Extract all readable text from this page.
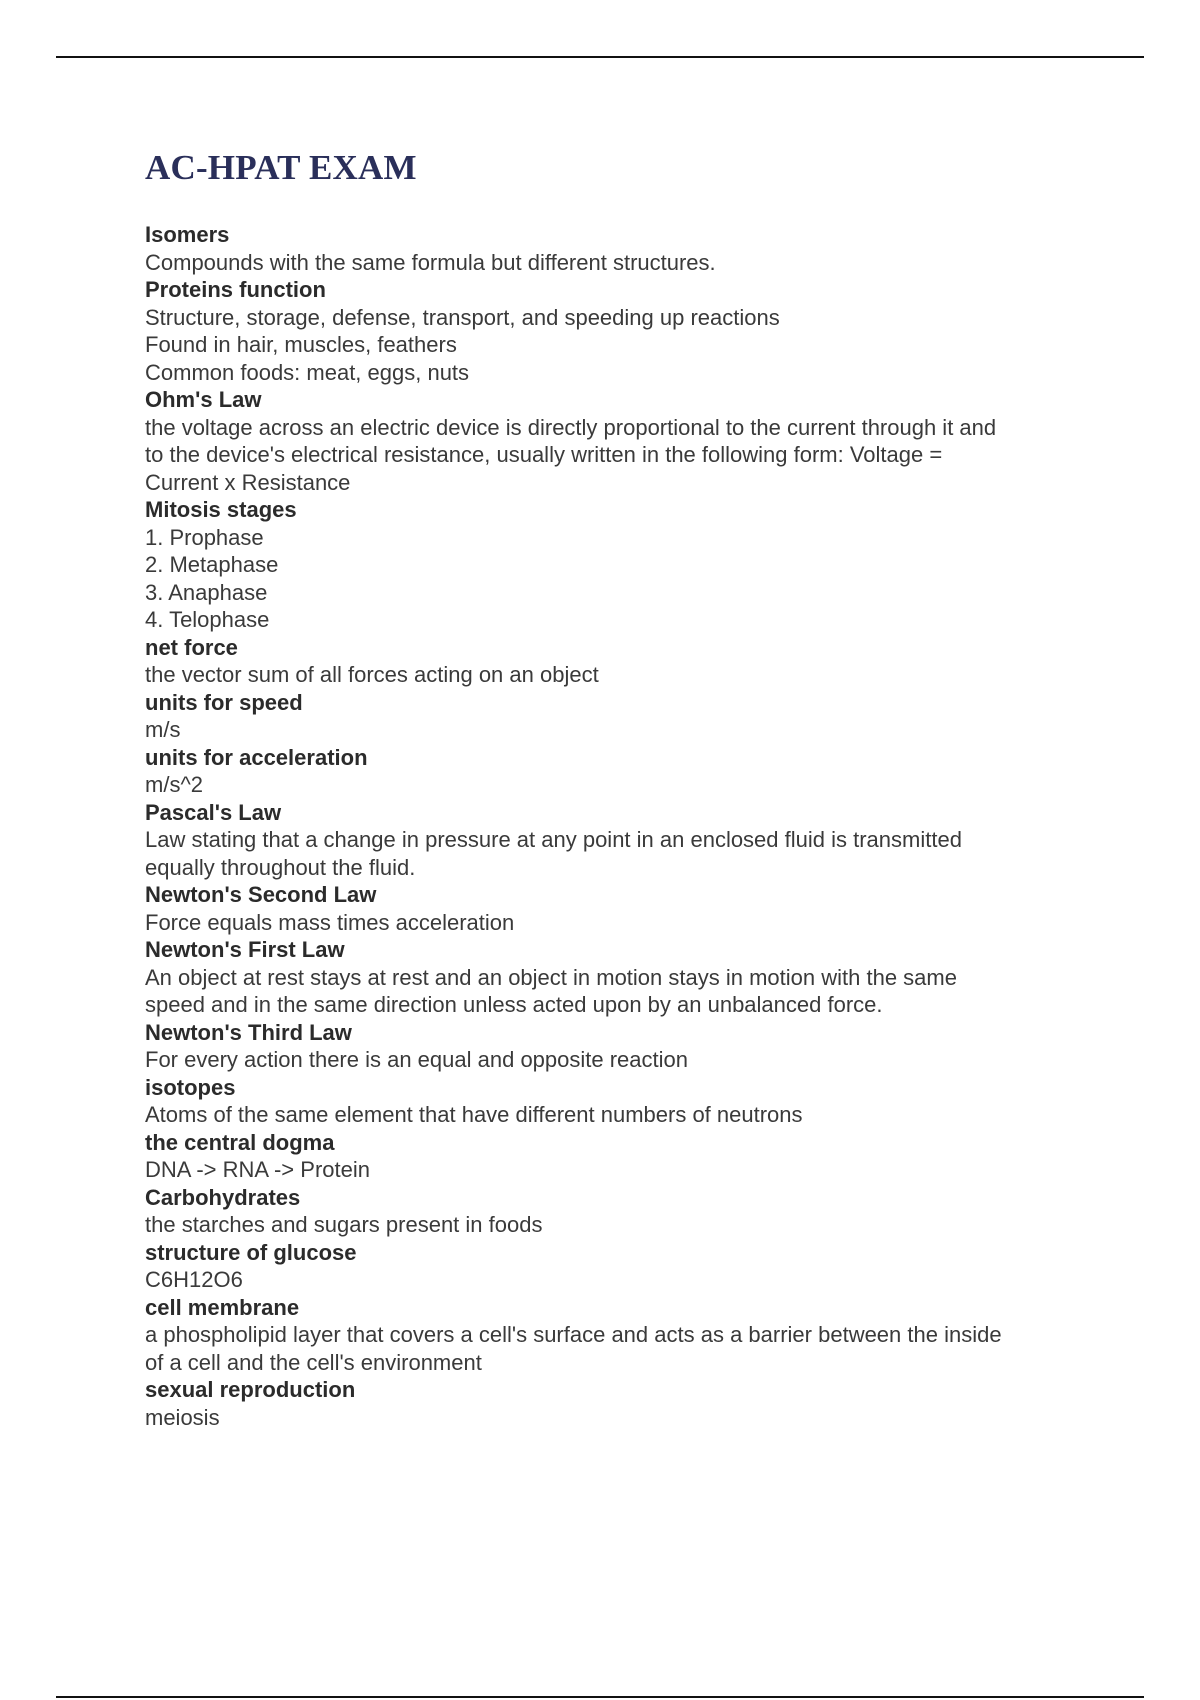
AC-HPAT EXAM
Isomers
Compounds with the same formula but different structures.
Proteins function
Structure, storage, defense, transport, and speeding up reactions
Found in hair, muscles, feathers
Common foods: meat, eggs, nuts
Ohm's Law
the voltage across an electric device is directly proportional to the current through it and
to the device's electrical resistance, usually written in the following form: Voltage =
Current x Resistance
Mitosis stages
1. Prophase
2. Metaphase
3. Anaphase
4. Telophase
net force
the vector sum of all forces acting on an object
units for speed
m/s
units for acceleration
m/s^2
Pascal's Law
Law stating that a change in pressure at any point in an enclosed fluid is transmitted
equally throughout the fluid.
Newton's Second Law
Force equals mass times acceleration
Newton's First Law
An object at rest stays at rest and an object in motion stays in motion with the same
speed and in the same direction unless acted upon by an unbalanced force.
Newton's Third Law
For every action there is an equal and opposite reaction
isotopes
Atoms of the same element that have different numbers of neutrons
the central dogma
DNA -> RNA -> Protein
Carbohydrates
the starches and sugars present in foods
structure of glucose
C6H12O6
cell membrane
a phospholipid layer that covers a cell's surface and acts as a barrier between the inside
of a cell and the cell's environment
sexual reproduction
meiosis
